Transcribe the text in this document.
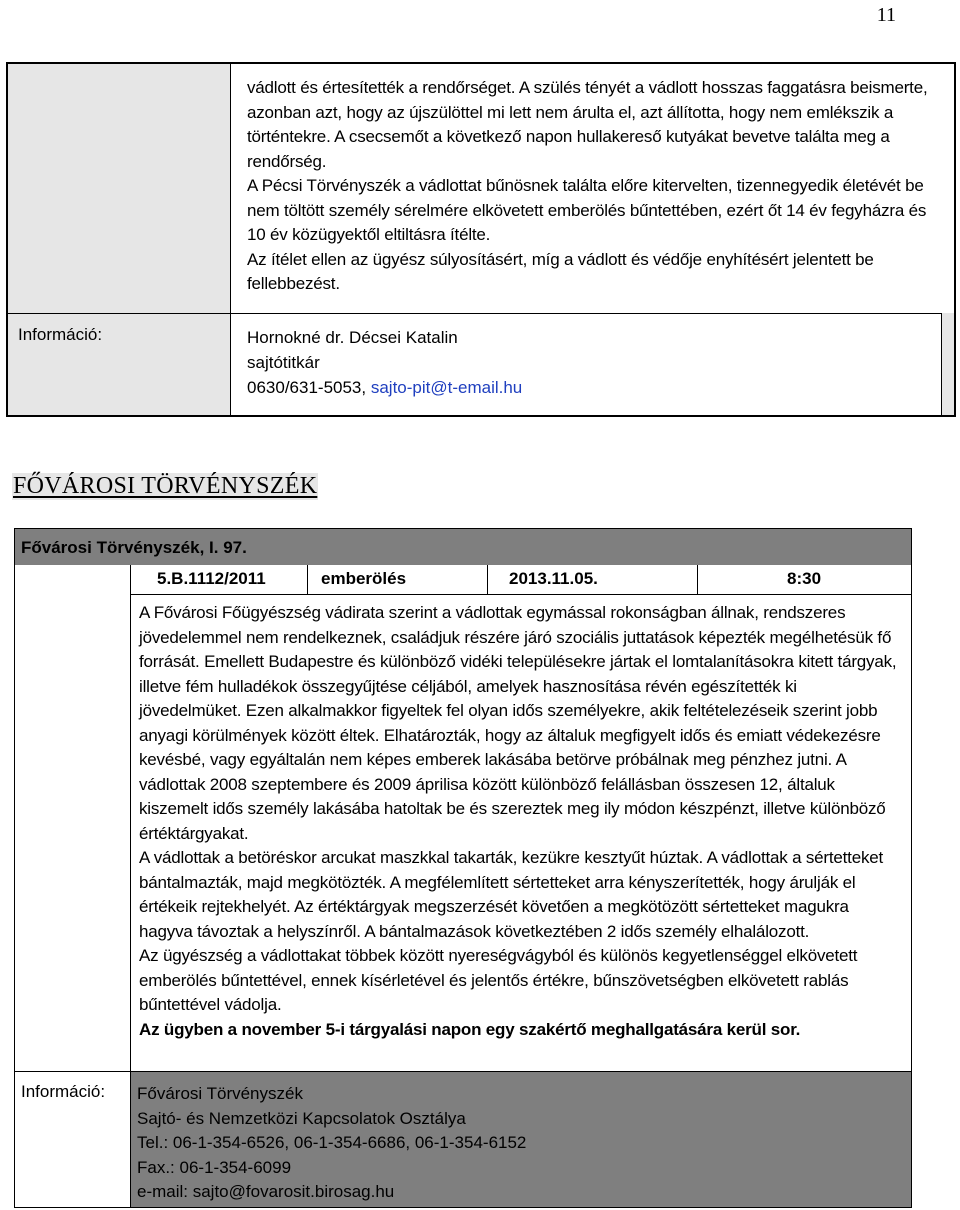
11

vádlott és értesítették a rendőrséget. A szülés tényét a vádlott hosszas faggatásra beismerte, azonban azt, hogy az újszülöttel mi lett nem árulta el, azt állította, hogy nem emlékszik a történtekre. A csecsemőt a következő napon hullakereső kutyákat bevetve találta meg a rendőrség.

A Pécsi Törvényszék a vádlottat bűnösnek találta előre kitervelten, tizennegyedik életévét be nem töltött személy sérelmére elkövetett emberölés bűntettében, ezért őt 14 év fegyházra és 10 év közügyektől eltiltásra ítélte.

Az ítélet ellen az ügyész súlyosításért, míg a vádlott és védője enyhítésért jelentett be fellebbezést.

Információ:	Hornokné dr. Décsei Katalin
sajtótitkár
0630/631-5053, sajto-pit@t-email.hu
FŐVÁROSI TÖRVÉNYSZÉK
Fővárosi Törvényszék, I. 97.
5.B.1112/2011	emberölés	2013.11.05.	8:30

A Fővárosi Főügyészség vádirata szerint a vádlottak egymással rokonságban állnak, rendszeres jövedelemmel nem rendelkeznek, családjuk részére járó szociális juttatások képezték megélhetésük fő forrását. Emellett Budapestre és különböző vidéki településekre jártak el lomtalanításokra kitett tárgyak, illetve fém hulladékok összegyűjtése céljából, amelyek hasznosítása révén egészítették ki jövedelmüket. Ezen alkalmakkor figyeltek fel olyan idős személyekre, akik feltételezéseik szerint jobb anyagi körülmények között éltek. Elhatározták, hogy az általuk megfigyelt idős és emiatt védekezésre kevésbé, vagy egyáltalán nem képes emberek lakásába betörve próbálnak meg pénzhez jutni. A vádlottak 2008 szeptembere és 2009 áprilisa között különböző felállásban összesen 12, általuk kiszemelt idős személy lakásába hatoltak be és szereztek meg ily módon készpénzt, illetve különböző értéktárgyakat.

A vádlottak a betöréskor arcukat maszkkal takarták, kezükre kesztyűt húztak. A vádlottak a sértetteket bántalmazták, majd megkötözték. A megfélemlített sértetteket arra kényszerítették, hogy árulják el értékeik rejtekhelyét. Az értéktárgyak megszerzését követően a megkötözött sértetteket magukra hagyva távoztak a helyszínről. A bántalmazások következtében 2 idős személy elhalálozott.

Az ügyészség a vádlottakat többek között nyereségvágyból és különös kegyetlenséggel elkövetett emberölés bűntettével, ennek kísérletével és jelentős értékre, bűnszövetségben elkövetett rablás bűntettével vádolja.

Az ügyben a november 5-i tárgyalási napon egy szakértő meghallgatására kerül sor.

Információ: Fővárosi Törvényszék
Sajtó- és Nemzetközi Kapcsolatok Osztálya
Tel.: 06-1-354-6526, 06-1-354-6686, 06-1-354-6152
Fax.: 06-1-354-6099
e-mail: sajto@fovarosit.birosag.hu
